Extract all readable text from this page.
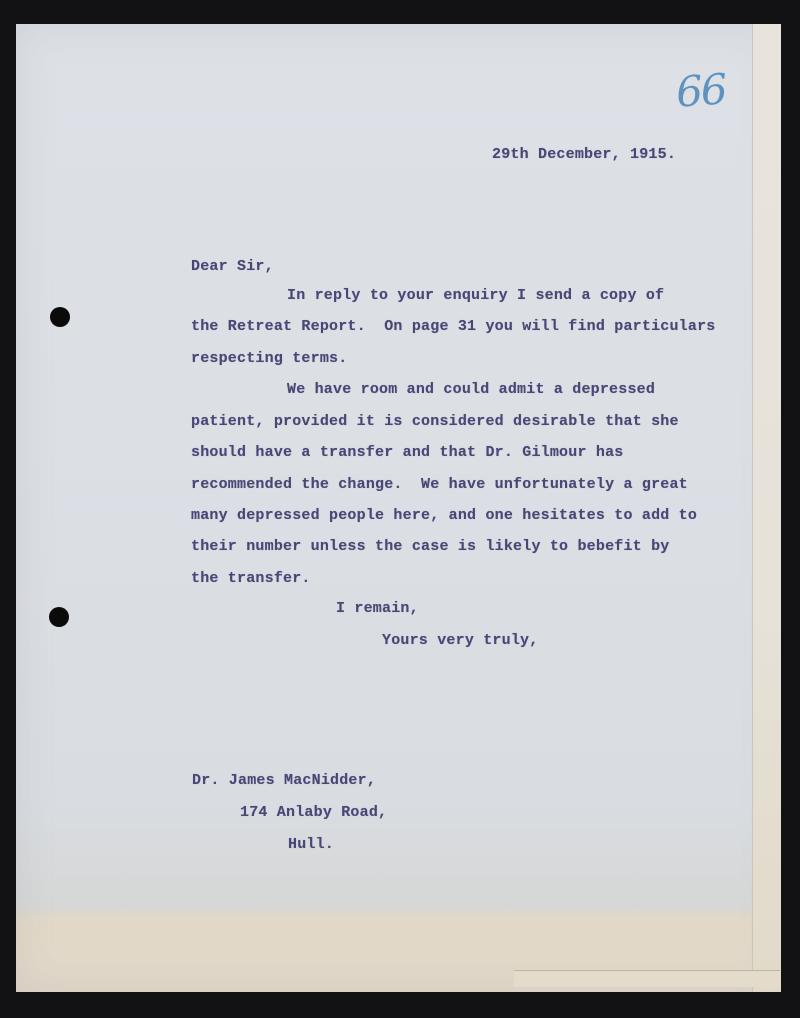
66
29th December, 1915.
Dear Sir,
In reply to your enquiry I send a copy of
the Retreat Report.  On page 31 you will find particulars
respecting terms.
We have room and could admit a depressed
patient, provided it is considered desirable that she
should have a transfer and that Dr. Gilmour has
recommended the change.  We have unfortunately a great
many depressed people here, and one hesitates to add to
their number unless the case is likely to bebefit by
the transfer.
I remain,
Yours very truly,
Dr. James MacNidder,
174 Anlaby Road,
Hull.
